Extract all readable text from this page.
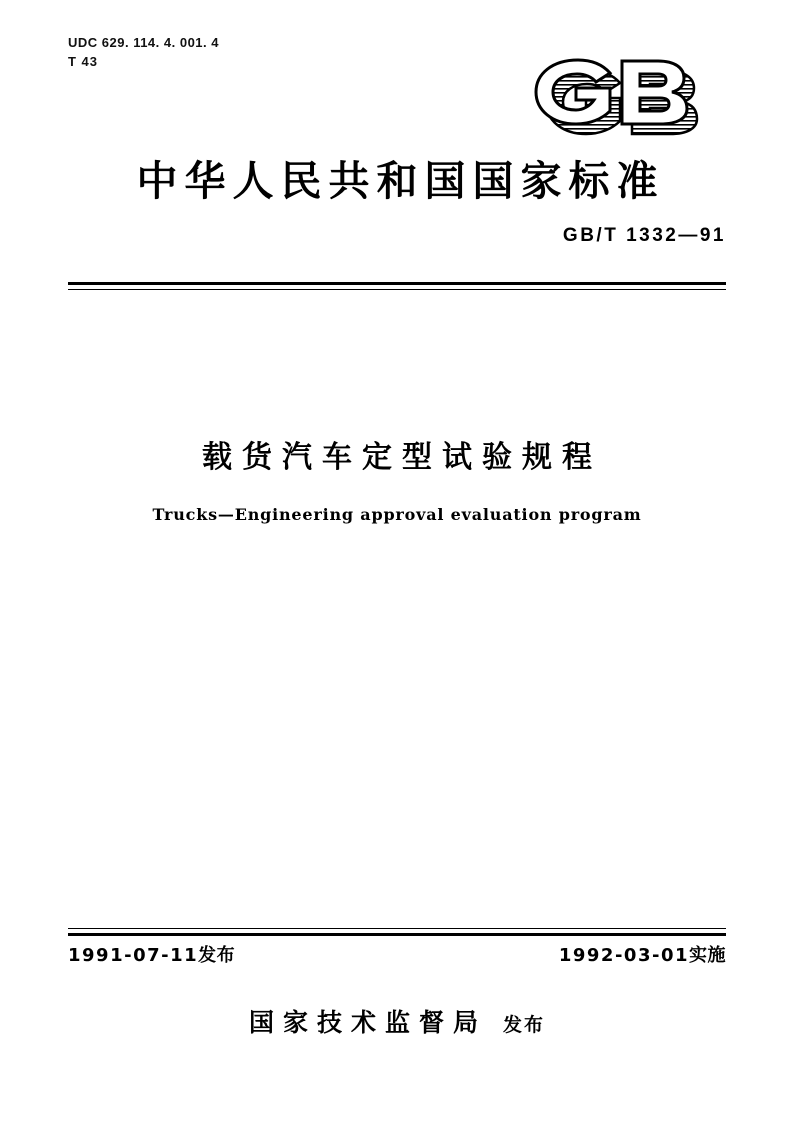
UDC 629. 114. 4. 001. 4
T 43
中华人民共和国国家标准
GB/T 1332—91
载货汽车定型试验规程
Trucks—Engineering approval evaluation program
1991-07-11发布	1992-03-01实施
国家技术监督局 发布
